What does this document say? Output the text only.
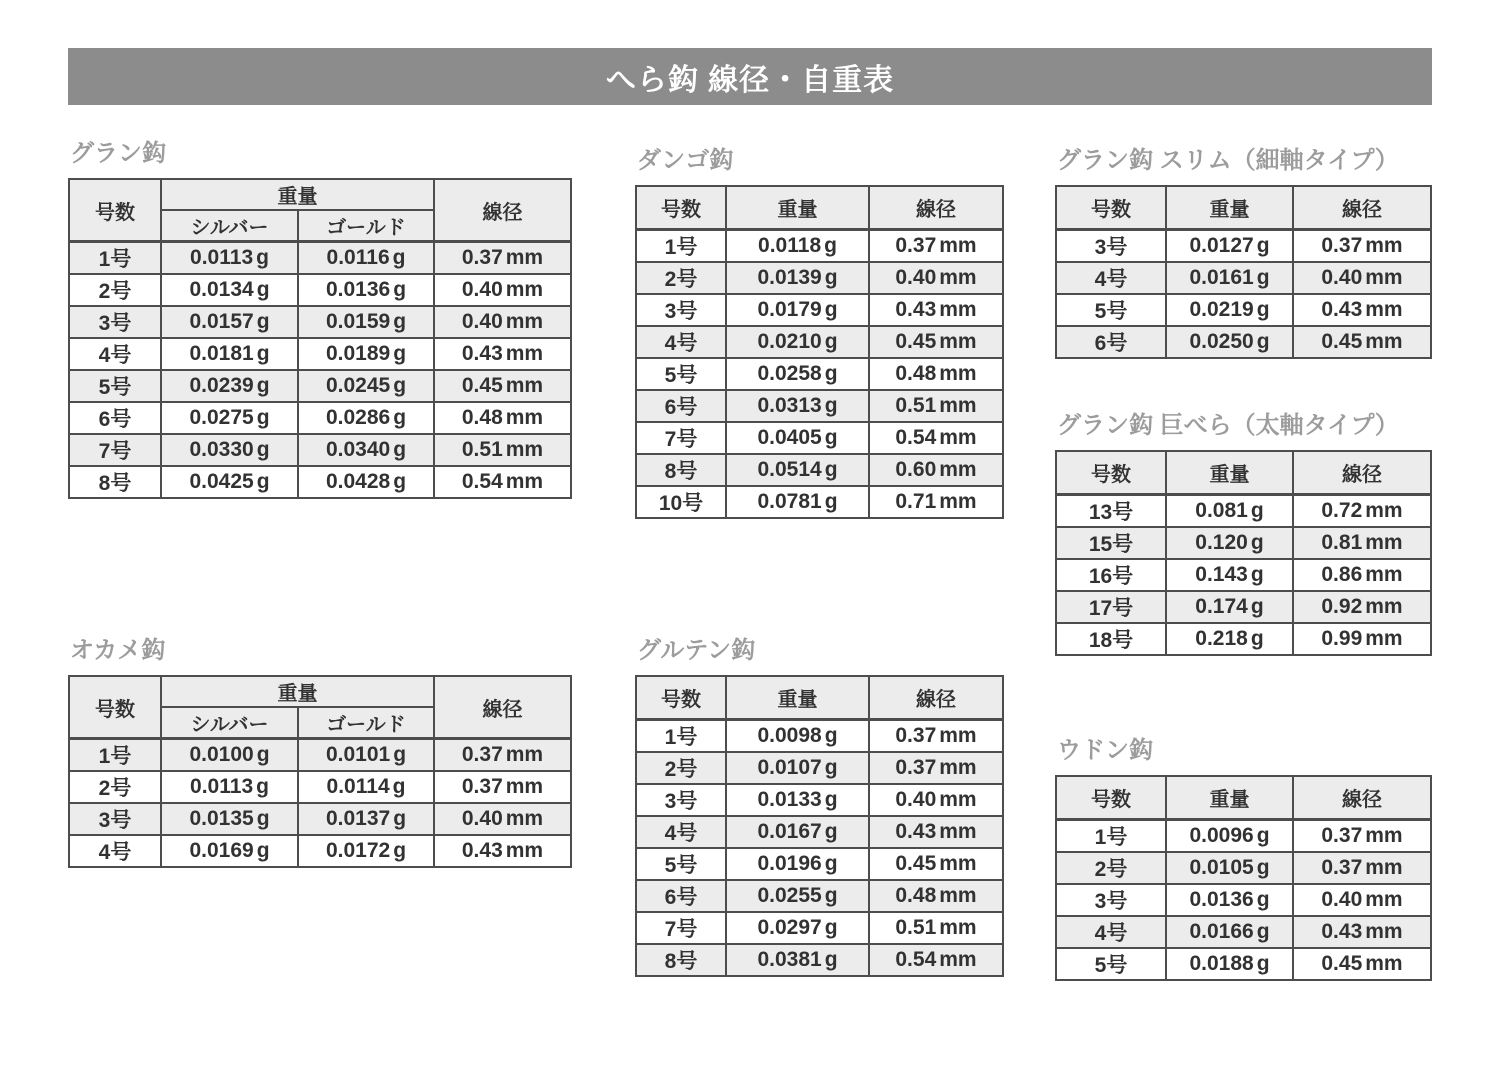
へら鈎 線径・自重表
グラン鈎
号数	重量		線径
	シルバー	ゴールド	
1号	0.0113 g	0.0116 g	0.37 mm
2号	0.0134 g	0.0136 g	0.40 mm
3号	0.0157 g	0.0159 g	0.40 mm
4号	0.0181 g	0.0189 g	0.43 mm
5号	0.0239 g	0.0245 g	0.45 mm
6号	0.0275 g	0.0286 g	0.48 mm
7号	0.0330 g	0.0340 g	0.51 mm
8号	0.0425 g	0.0428 g	0.54 mm
ダンゴ鈎
号数	重量	線径
1号	0.0118 g	0.37 mm
2号	0.0139 g	0.40 mm
3号	0.0179 g	0.43 mm
4号	0.0210 g	0.45 mm
5号	0.0258 g	0.48 mm
6号	0.0313 g	0.51 mm
7号	0.0405 g	0.54 mm
8号	0.0514 g	0.60 mm
10号	0.0781 g	0.71 mm
グラン鈎 スリム（細軸タイプ）
号数	重量	線径
3号	0.0127 g	0.37 mm
4号	0.0161 g	0.40 mm
5号	0.0219 g	0.43 mm
6号	0.0250 g	0.45 mm
グラン鈎 巨べら（太軸タイプ）
号数	重量	線径
13号	0.081 g	0.72 mm
15号	0.120 g	0.81 mm
16号	0.143 g	0.86 mm
17号	0.174 g	0.92 mm
18号	0.218 g	0.99 mm
オカメ鈎
号数	重量		線径
	シルバー	ゴールド	
1号	0.0100 g	0.0101 g	0.37 mm
2号	0.0113 g	0.0114 g	0.37 mm
3号	0.0135 g	0.0137 g	0.40 mm
4号	0.0169 g	0.0172 g	0.43 mm
グルテン鈎
号数	重量	線径
1号	0.0098 g	0.37 mm
2号	0.0107 g	0.37 mm
3号	0.0133 g	0.40 mm
4号	0.0167 g	0.43 mm
5号	0.0196 g	0.45 mm
6号	0.0255 g	0.48 mm
7号	0.0297 g	0.51 mm
8号	0.0381 g	0.54 mm
ウドン鈎
号数	重量	線径
1号	0.0096 g	0.37 mm
2号	0.0105 g	0.37 mm
3号	0.0136 g	0.40 mm
4号	0.0166 g	0.43 mm
5号	0.0188 g	0.45 mm
